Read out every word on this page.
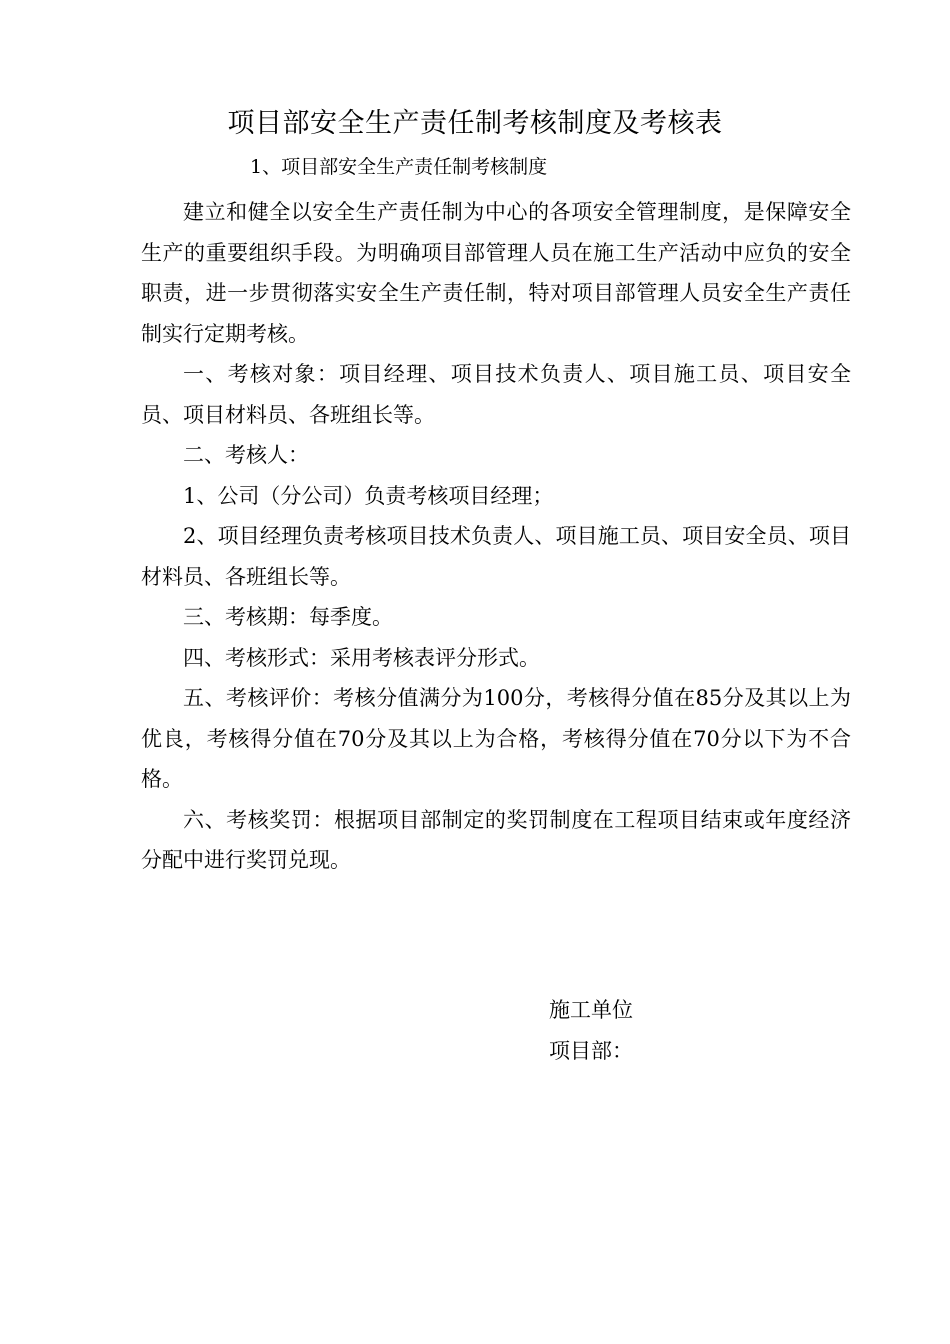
项目部安全生产责任制考核制度及考核表
1、项目部安全生产责任制考核制度

建立和健全以安全生产责任制为中心的各项安全管理制度，是保障安全生产的重要组织手段。为明确项目部管理人员在施工生产活动中应负的安全职责，进一步贯彻落实安全生产责任制，特对项目部管理人员安全生产责任制实行定期考核。

一、考核对象：项目经理、项目技术负责人、项目施工员、项目安全员、项目材料员、各班组长等。

二、考核人：

1、公司（分公司）负责考核项目经理；

2、项目经理负责考核项目技术负责人、项目施工员、项目安全员、项目材料员、各班组长等。

三、考核期：每季度。

四、考核形式：采用考核表评分形式。

五、考核评价：考核分值满分为100分，考核得分值在85分及其以上为优良，考核得分值在70分及其以上为合格，考核得分值在70分以下为不合格。

六、考核奖罚：根据项目部制定的奖罚制度在工程项目结束或年度经济分配中进行奖罚兑现。

施工单位
项目部：
